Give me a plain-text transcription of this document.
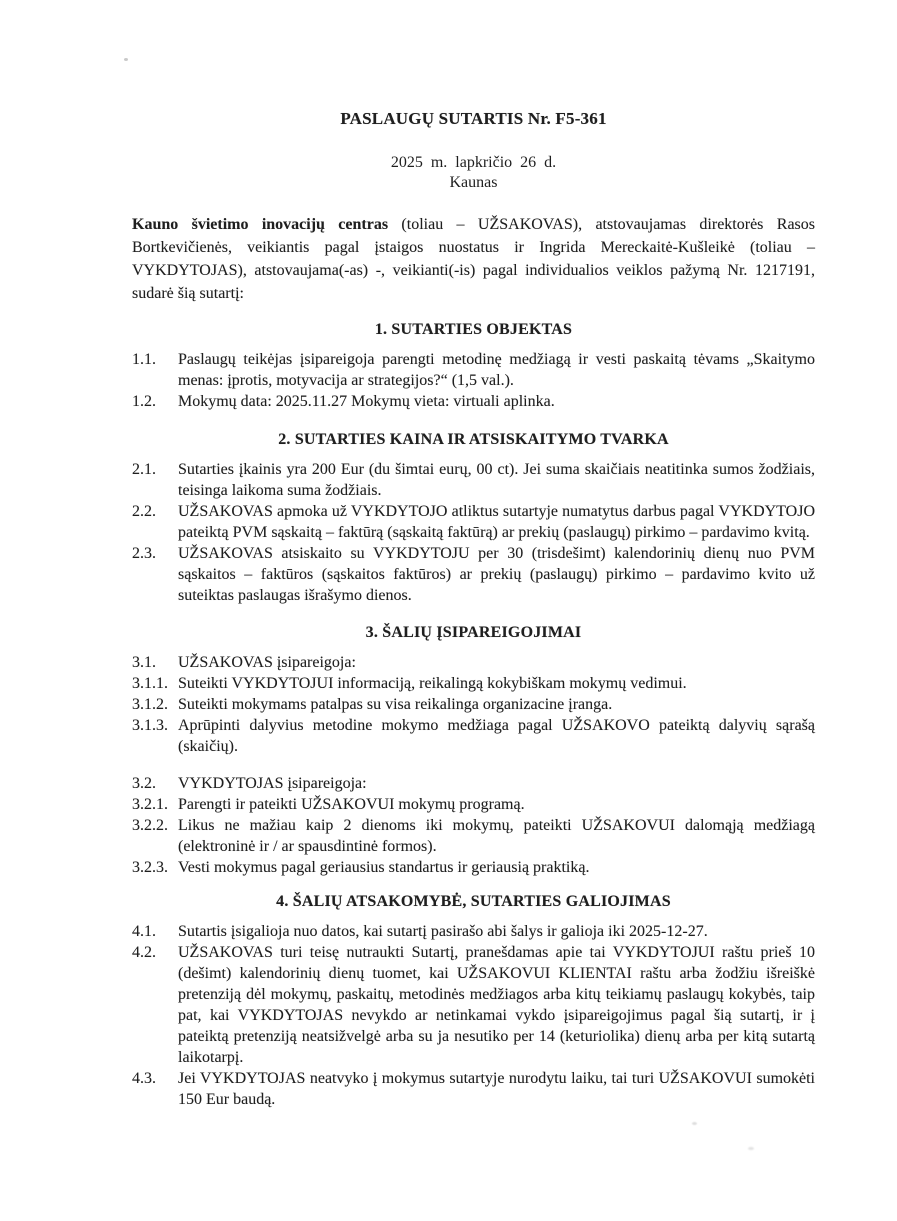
PASLAUGŲ SUTARTIS Nr. F5-361
2025 m. lapkričio 26 d.
Kaunas
Kauno švietimo inovacijų centras (toliau – UŽSAKOVAS), atstovaujamas direktorės Rasos Bortkevičienės, veikiantis pagal įstaigos nuostatus ir Ingrida Mereckaitė-Kušleikė (toliau – VYKDYTOJAS), atstovaujama(-as) -, veikianti(-is) pagal individualios veiklos pažymą Nr. 1217191, sudarė šią sutartį:
1. SUTARTIES OBJEKTAS
1.1. Paslaugų teikėjas įsipareigoja parengti metodinę medžiagą ir vesti paskaitą tėvams „Skaitymo menas: įprotis, motyvacija ar strategijos?“ (1,5 val.).
1.2. Mokymų data: 2025.11.27 Mokymų vieta: virtuali aplinka.
2. SUTARTIES KAINA IR ATSISKAITYMO TVARKA
2.1. Sutarties įkainis yra 200 Eur (du šimtai eurų, 00 ct). Jei suma skaičiais neatitinka sumos žodžiais, teisinga laikoma suma žodžiais.
2.2. UŽSAKOVAS apmoka už VYKDYTOJO atliktus sutartyje numatytus darbus pagal VYKDYTOJO pateiktą PVM sąskaitą – faktūrą (sąskaitą faktūrą) ar prekių (paslaugų) pirkimo – pardavimo kvitą.
2.3. UŽSAKOVAS atsiskaito su VYKDYTOJU per 30 (trisdešimt) kalendorinių dienų nuo PVM sąskaitos – faktūros (sąskaitos faktūros) ar prekių (paslaugų) pirkimo – pardavimo kvito už suteiktas paslaugas išrašymo dienos.
3. ŠALIŲ ĮSIPAREIGOJIMAI
3.1. UŽSAKOVAS įsipareigoja:
3.1.1. Suteikti VYKDYTOJUI informaciją, reikalingą kokybiškam mokymų vedimui.
3.1.2. Suteikti mokymams patalpas su visa reikalinga organizacine įranga.
3.1.3. Aprūpinti dalyvius metodine mokymo medžiaga pagal UŽSAKOVO pateiktą dalyvių sąrašą (skaičių).
3.2. VYKDYTOJAS įsipareigoja:
3.2.1. Parengti ir pateikti UŽSAKOVUI mokymų programą.
3.2.2. Likus ne mažiau kaip 2 dienoms iki mokymų, pateikti UŽSAKOVUI dalomąją medžiagą (elektroninė ir / ar spausdintinė formos).
3.2.3. Vesti mokymus pagal geriausius standartus ir geriausią praktiką.
4. ŠALIŲ ATSAKOMYBĖ, SUTARTIES GALIOJIMAS
4.1. Sutartis įsigalioja nuo datos, kai sutartį pasirašo abi šalys ir galioja iki 2025-12-27.
4.2. UŽSAKOVAS turi teisę nutraukti Sutartį, pranešdamas apie tai VYKDYTOJUI raštu prieš 10 (dešimt) kalendorinių dienų tuomet, kai UŽSAKOVUI KLIENTAI raštu arba žodžiu išreiškė pretenziją dėl mokymų, paskaitų, metodinės medžiagos arba kitų teikiamų paslaugų kokybės, taip pat, kai VYKDYTOJAS nevykdo ar netinkamai vykdo įsipareigojimus pagal šią sutartį, ir į pateiktą pretenziją neatsižvelgė arba su ja nesutiko per 14 (keturiolika) dienų arba per kitą sutartą laikotarpį.
4.3. Jei VYKDYTOJAS neatvyko į mokymus sutartyje nurodytu laiku, tai turi UŽSAKOVUI sumokėti 150 Eur baudą.
